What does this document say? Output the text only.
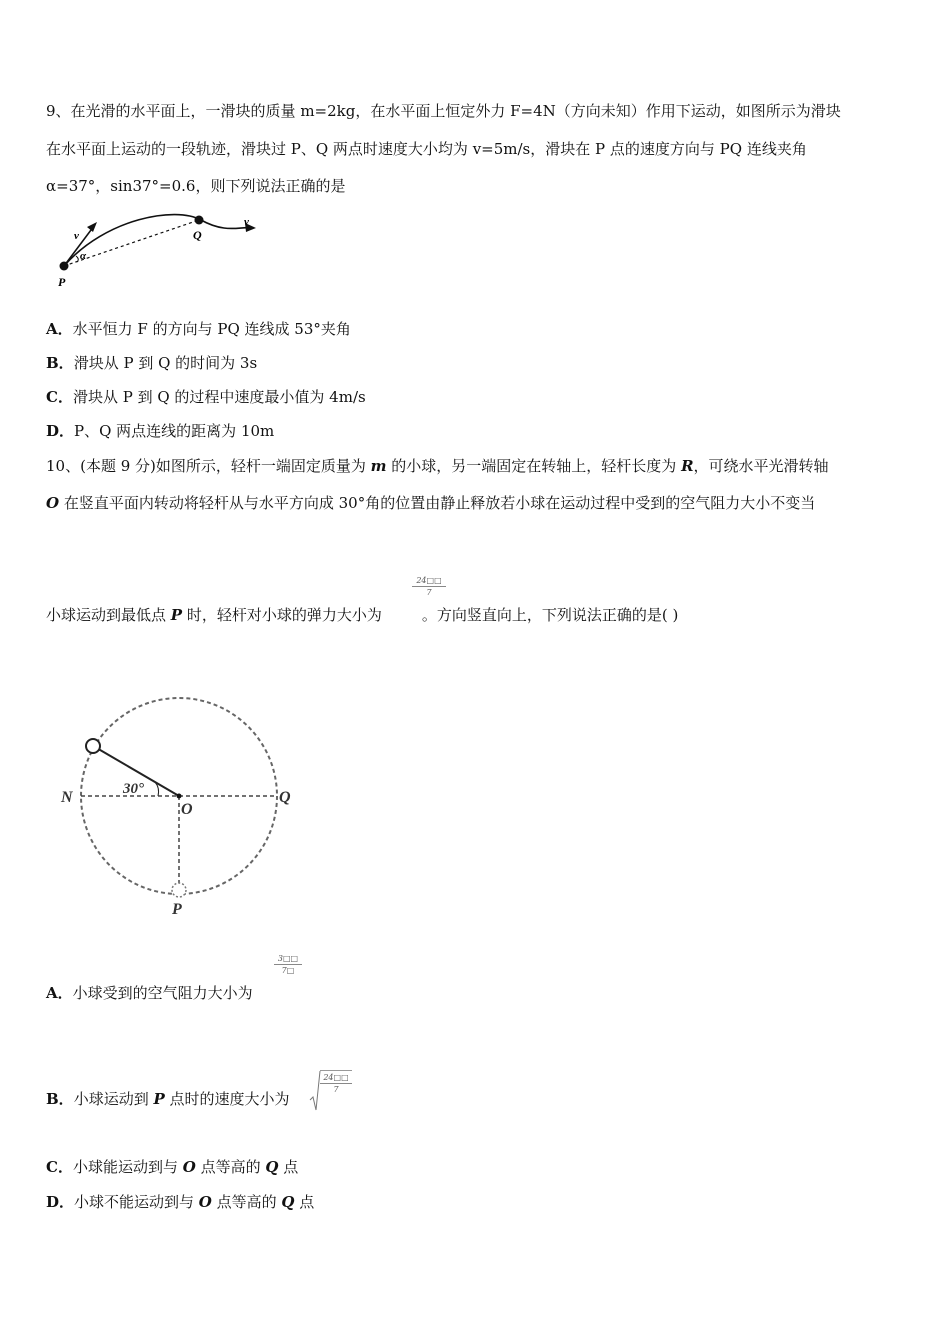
9、在光滑的水平面上，一滑块的质量 m=2kg，在水平面上恒定外力 F=4N（方向未知）作用下运动，如图所示为滑块
在水平面上运动的一段轨迹，滑块过 P、Q 两点时速度大小均为 v=5m/s，滑块在 P 点的速度方向与 PQ 连线夹角
α=37°，sin37°=0.6，则下列说法正确的是
v
α
P
Q
v
A．水平恒力 F 的方向与 PQ 连线成 53°夹角
B．滑块从 P 到 Q 的时间为 3s
C．滑块从 P 到 Q 的过程中速度最小值为 4m/s
D．P、Q 两点连线的距离为 10m
10、(本题 9 分)如图所示，轻杆一端固定质量为 m 的小球，另一端固定在转轴上，轻杆长度为 R，可绕水平光滑转轴
O 在竖直平面内转动将轻杆从与水平方向成 30°角的位置由静止释放若小球在运动过程中受到的空气阻力大小不变当
24□□
7
小球运动到最低点 P 时，轻杆对小球的弹力大小为	。方向竖直向上，下列说法正确的是( )
N	30°
O
Q
P
3□□
7□
A．小球受到的空气阻力大小为
B．小球运动到 P 点时的速度大小为
24□□
7
C．小球能运动到与 O 点等高的 Q 点
D．小球不能运动到与 O 点等高的 Q 点
